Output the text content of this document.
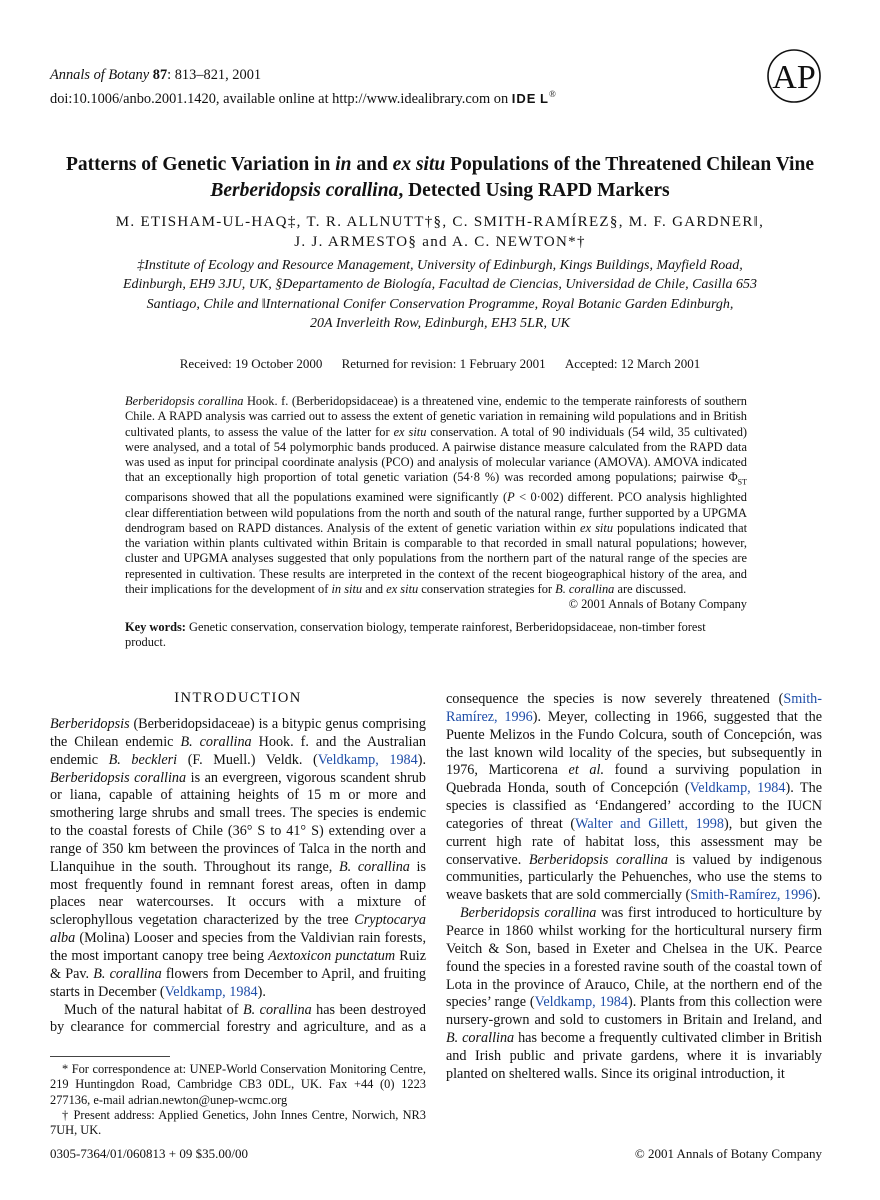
Annals of Botany 87: 813–821, 2001
doi:10.1006/anbo.2001.1420, available online at http://www.idealibrary.com on IDE L®	AP
Patterns of Genetic Variation in in and ex situ Populations of the Threatened Chilean Vine
Berberidopsis corallina, Detected Using RAPD Markers
M. ETISHAM-UL-HAQ‡, T. R. ALLNUTT†§, C. SMITH-RAMÍREZ§, M. F. GARDNER‖,
J. J. ARMESTO§ and A. C. NEWTON*†
‡Institute of Ecology and Resource Management, University of Edinburgh, Kings Buildings, Mayfield Road,
Edinburgh, EH9 3JU, UK, §Departamento de Biología, Facultad de Ciencias, Universidad de Chile, Casilla 653
Santiago, Chile and ‖International Conifer Conservation Programme, Royal Botanic Garden Edinburgh,
20A Inverleith Row, Edinburgh, EH3 5LR, UK
Received: 19 October 2000 Returned for revision: 1 February 2001 Accepted: 12 March 2001
Berberidopsis corallina Hook. f. (Berberidopsidaceae) is a threatened vine, endemic to the temperate rainforests of southern Chile. A RAPD analysis was carried out to assess the extent of genetic variation in remaining wild populations and in British cultivated plants, to assess the value of the latter for ex situ conservation. A total of 90 individuals (54 wild, 35 cultivated) were analysed, and a total of 54 polymorphic bands produced. A pairwise distance measure calculated from the RAPD data was used as input for principal coordinate analysis (PCO) and analysis of molecular variance (AMOVA). AMOVA indicated that an exceptionally high proportion of total genetic variation (54·8 %) was recorded among populations; pairwise $\Phi_{ST}$ comparisons showed that all the populations examined were significantly (P < 0·002) different. PCO analysis highlighted clear differentiation between wild populations from the north and south of the natural range, further supported by a UPGMA dendrogram based on RAPD distances. Analysis of the extent of genetic variation within ex situ populations indicated that the variation within plants cultivated within Britain is comparable to that recorded in small natural populations; however, cluster and UPGMA analyses suggested that only populations from the northern part of the natural range of the species are represented in cultivation. These results are interpreted in the context of the recent biogeographical history of the area, and their implications for the development of in situ and ex situ conservation strategies for B. corallina are discussed.
© 2001 Annals of Botany Company
Key words: Genetic conservation, conservation biology, temperate rainforest, Berberidopsidaceae, non-timber forest product.
INTRODUCTION

Berberidopsis (Berberidopsidaceae) is a bitypic genus comprising the Chilean endemic B. corallina Hook. f. and the Australian endemic B. beckleri (F. Muell.) Veldk. (Veldkamp, 1984). Berberidopsis corallina is an evergreen, vigorous scandent shrub or liana, capable of attaining heights of 15 m or more and smothering large shrubs and small trees. The species is endemic to the coastal forests of Chile (36° S to 41° S) extending over a range of 350 km between the provinces of Talca in the north and Llanquihue in the south. Throughout its range, B. corallina is most frequently found in remnant forest areas, often in damp places near watercourses. It occurs with a mixture of sclerophyllous vegetation characterized by the tree Cryptocarya alba (Molina) Looser and species from the Valdivian rain forests, the most important canopy tree being Aextoxicon punctatum Ruiz & Pav. B. corallina flowers from December to April, and fruiting starts in December (Veldkamp, 1984).

Much of the natural habitat of B. corallina has been destroyed by clearance for commercial forestry and agriculture, and as a

consequence the species is now severely threatened (Smith-Ramírez, 1996). Meyer, collecting in 1966, suggested that the Puente Melizos in the Fundo Colcura, south of Concepción, was the last known wild locality of the species, but subsequently in 1976, Marticorena et al. found a surviving population in Quebrada Honda, south of Concepción (Veldkamp, 1984). The species is classified as ‘Endangered’ according to the IUCN categories of threat (Walter and Gillett, 1998), but given the current high rate of habitat loss, this assessment may be conservative. Berberidopsis corallina is valued by indigenous communities, particularly the Pehuenches, who use the stems to weave baskets that are sold commercially (Smith-Ramírez, 1996).

Berberidopsis corallina was first introduced to horticulture by Pearce in 1860 whilst working for the horticultural nursery firm Veitch & Son, based in Exeter and Chelsea in the UK. Pearce found the species in a forested ravine south of the coastal town of Lota in the province of Arauco, Chile, at the northern end of the species’ range (Veldkamp, 1984). Plants from this collection were nursery-grown and sold to customers in Britain and Ireland, and B. corallina has become a frequently cultivated climber in British and Irish public and private gardens, where it is invariably planted on sheltered walls. Since its original introduction, it

* For correspondence at: UNEP-World Conservation Monitoring Centre, 219 Huntingdon Road, Cambridge CB3 0DL, UK. Fax +44 (0) 1223 277136, e-mail adrian.newton@unep-wcmc.org

† Present address: Applied Genetics, John Innes Centre, Norwich, NR3 7UH, UK.

0305-7364/01/060813 + 09 $35.00/00	© 2001 Annals of Botany Company
